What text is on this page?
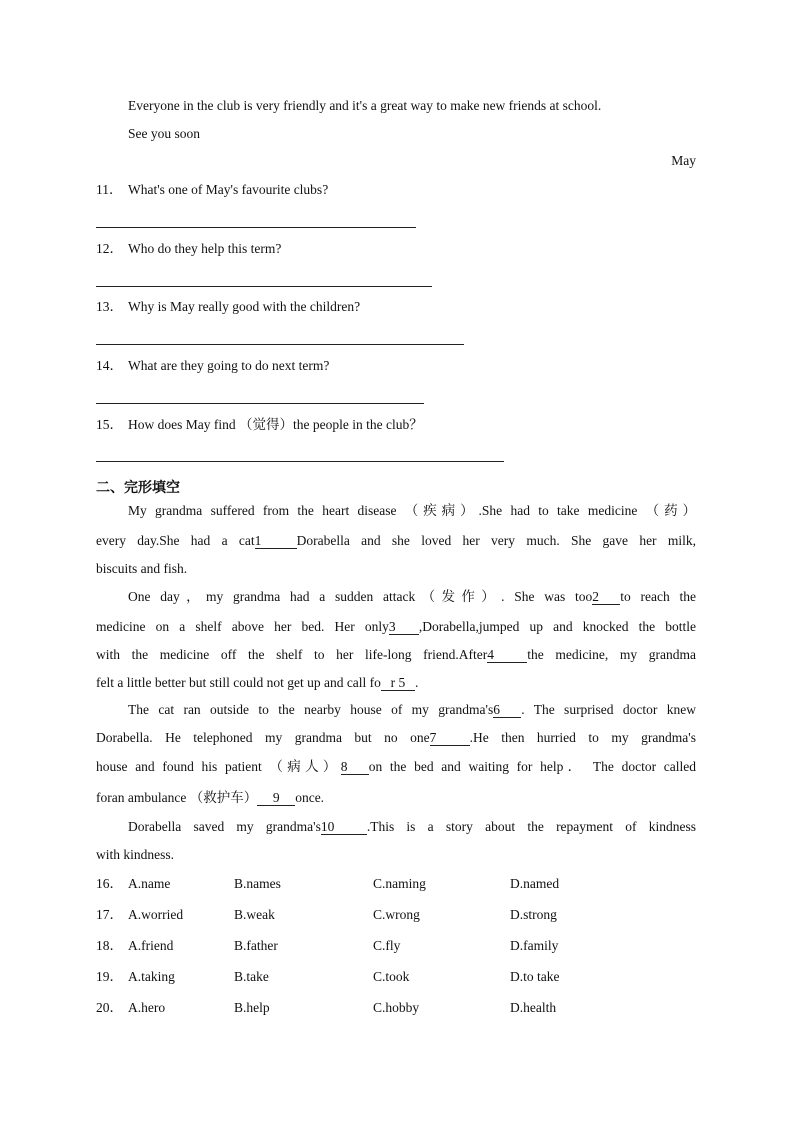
Everyone in the club is very friendly and it's a great way to make new friends at school.
See you soon
May
11． What's one of May's favourite clubs?
12． Who do they help this term?
13． Why is May really good with the children?
14． What are they going to do next term?
15． How does May find （觉得）the people in the club？
二、完形填空
My grandma suffered from the heart disease （疾病）.She had to take medicine （药）
every day.She had a cat1	Dorabella and she loved her very much. She gave her milk,
biscuits and fish.
One day，my grandma had a sudden attack（发作）. She was too2 to reach the
medicine on a shelf above her bed. Her only3 ,Dorabella,jumped up and knocked the bottle
with the medicine off the shelf to her life-long friend.After4 the medicine, my grandma
felt a little better but still could not get up and call fo r 5 .
The cat ran outside to the nearby house of my grandma's6 . The surprised doctor knew
Dorabella. He telephoned my grandma but no one7 .He then hurried to my grandma's
house and found his patient （病人）8 on the bed and waiting for help． The doctor called
foran ambulance （救护车） 9 once.
Dorabella saved my grandma's10 .This is a story about the repayment of kindness
with kindness.
16． A.name	B.names	C.naming	D.named
17． A.worried	B.weak	C.wrong	D.strong
18． A.friend	B.father	C.fly	D.family
19． A.taking	B.take	C.took	D.to take
20． A.hero	B.help	C.hobby	D.health
